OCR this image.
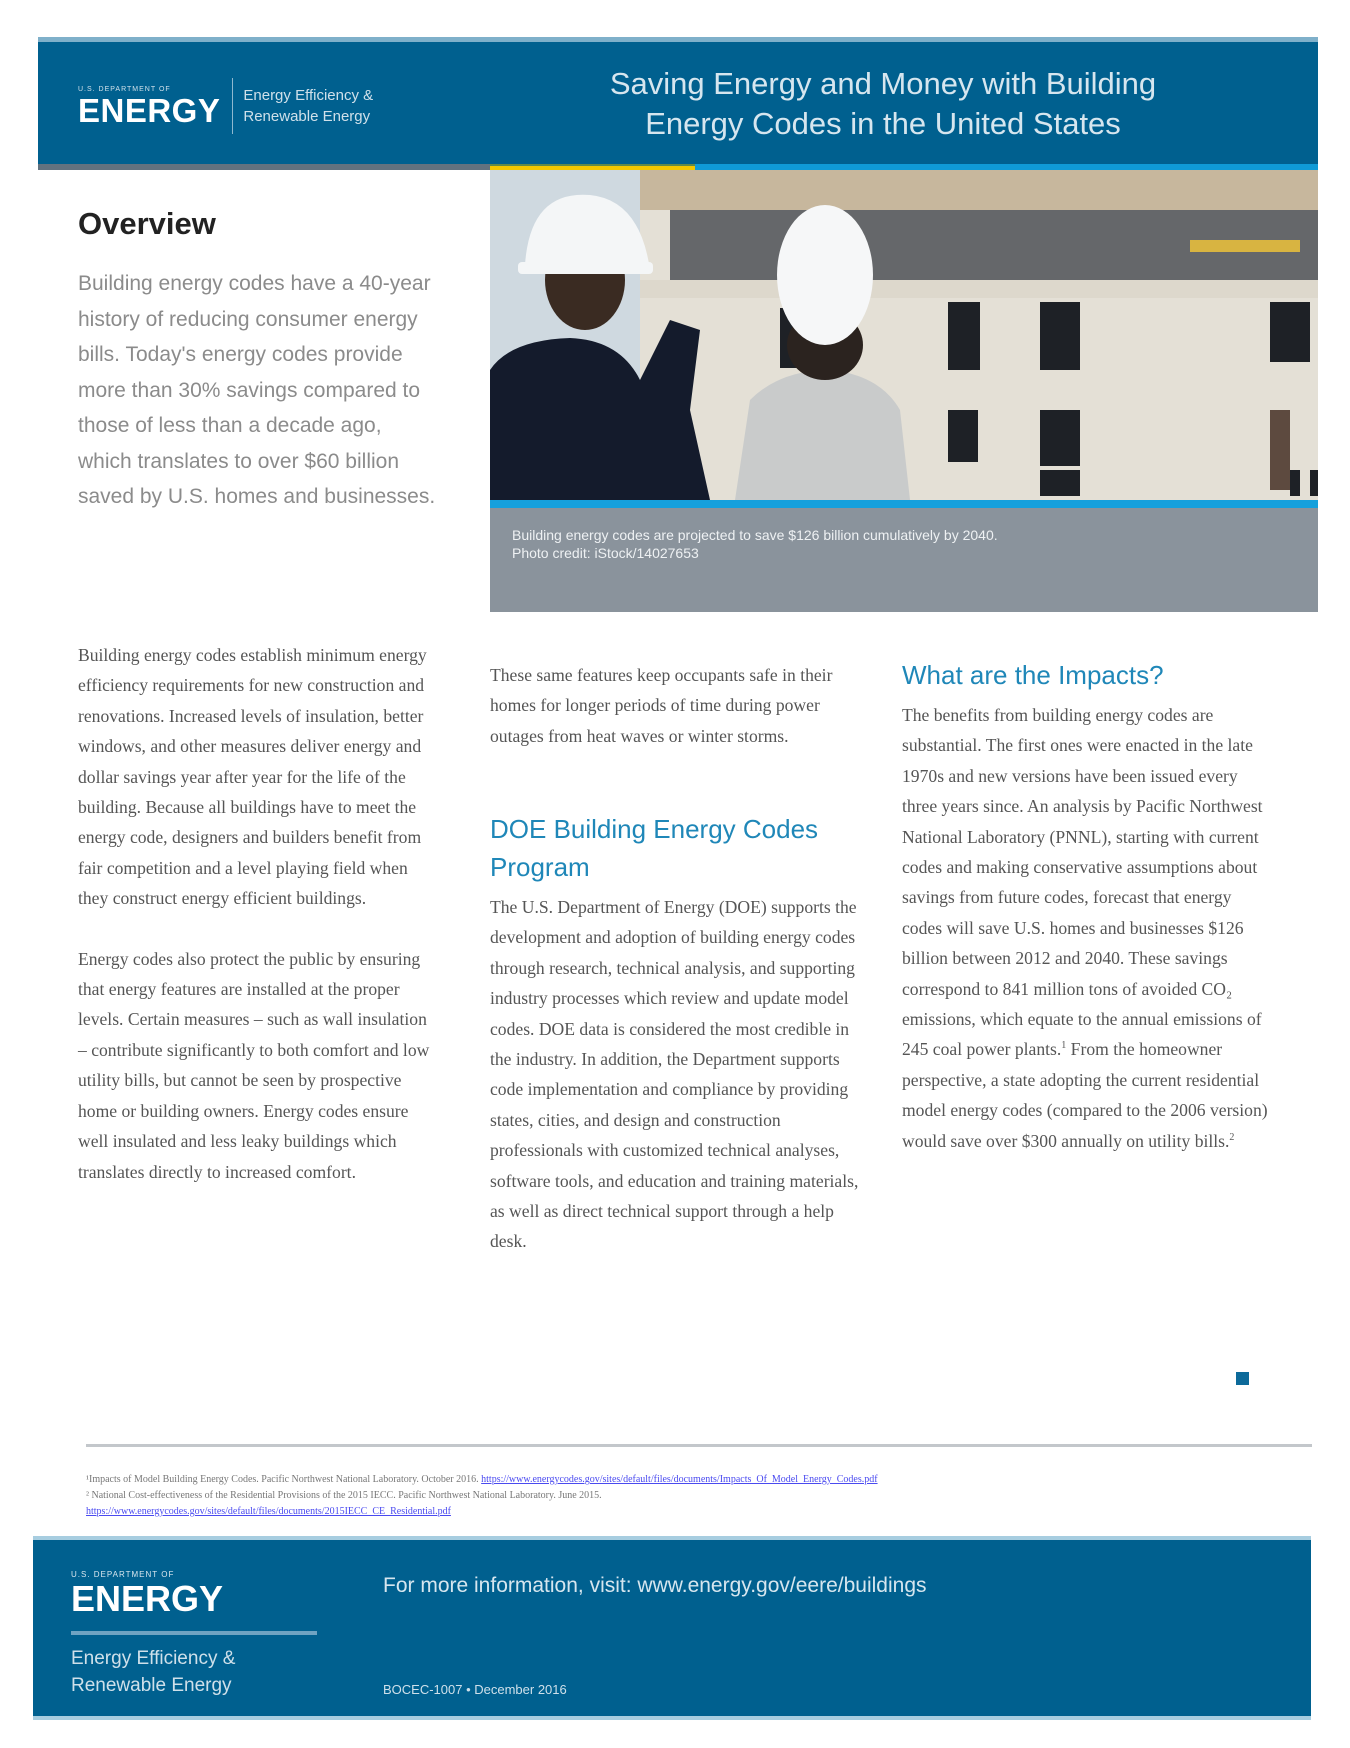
U.S. DEPARTMENT OF
ENERGY Energy Efficiency &
Renewable Energy
Saving Energy and Money with Building
Energy Codes in the United States
Building energy codes are projected to save $126 billion cumulatively by 2040.
Photo credit: iStock/14027653
Overview
Building energy codes have a 40-year history of reducing consumer energy bills. Today's energy codes provide more than 30% savings compared to those of less than a decade ago, which translates to over $60 billion saved by U.S. homes and businesses.

Building energy codes establish minimum energy efficiency requirements for new construction and renovations. Increased levels of insulation, better windows, and other measures deliver energy and dollar savings year after year for the life of the building. Because all buildings have to meet the energy code, designers and builders benefit from fair competition and a level playing field when they construct energy efficient buildings.

Energy codes also protect the public by ensuring that energy features are installed at the proper levels. Certain measures – such as wall insulation – contribute significantly to both comfort and low utility bills, but cannot be seen by prospective home or building owners. Energy codes ensure well insulated and less leaky buildings which translates directly to increased comfort.

These same features keep occupants safe in their homes for longer periods of time during power outages from heat waves or winter storms.

DOE Building Energy Codes Program
The U.S. Department of Energy (DOE) supports the development and adoption of building energy codes through research, technical analysis, and supporting industry processes which review and update model codes. DOE data is considered the most credible in the industry. In addition, the Department supports code implementation and compliance by providing states, cities, and design and construction professionals with customized technical analyses, software tools, and education and training materials, as well as direct technical support through a help desk.
What are the Impacts?

The benefits from building energy codes are substantial. The first ones were enacted in the late 1970s and new versions have been issued every three years since. An analysis by Pacific Northwest National Laboratory (PNNL), starting with current codes and making conservative assumptions about savings from future codes, forecast that energy codes will save U.S. homes and businesses $126 billion between 2012 and 2040. These savings correspond to 841 million tons of avoided CO₂ emissions, which equate to the annual emissions of 245 coal power plants.$^1$ From the homeowner perspective, a state adopting the current residential model energy codes (compared to the 2006 version) would save over $300 annually on utility bills.$^2$

¹Impacts of Model Building Energy Codes. Pacific Northwest National Laboratory. October 2016. https://www.energycodes.gov/sites/default/files/documents/Impacts_Of_Model_Energy_Codes.pdf
² National Cost-effectiveness of the Residential Provisions of the 2015 IECC. Pacific Northwest National Laboratory. June 2015.
https://www.energycodes.gov/sites/default/files/documents/2015IECC_CE_Residential.pdf
U.S. DEPARTMENT OF
ENERGY
Energy Efficiency &
Renewable Energy
For more information, visit: www.energy.gov/eere/buildings
BOCEC-1007 • December 2016
